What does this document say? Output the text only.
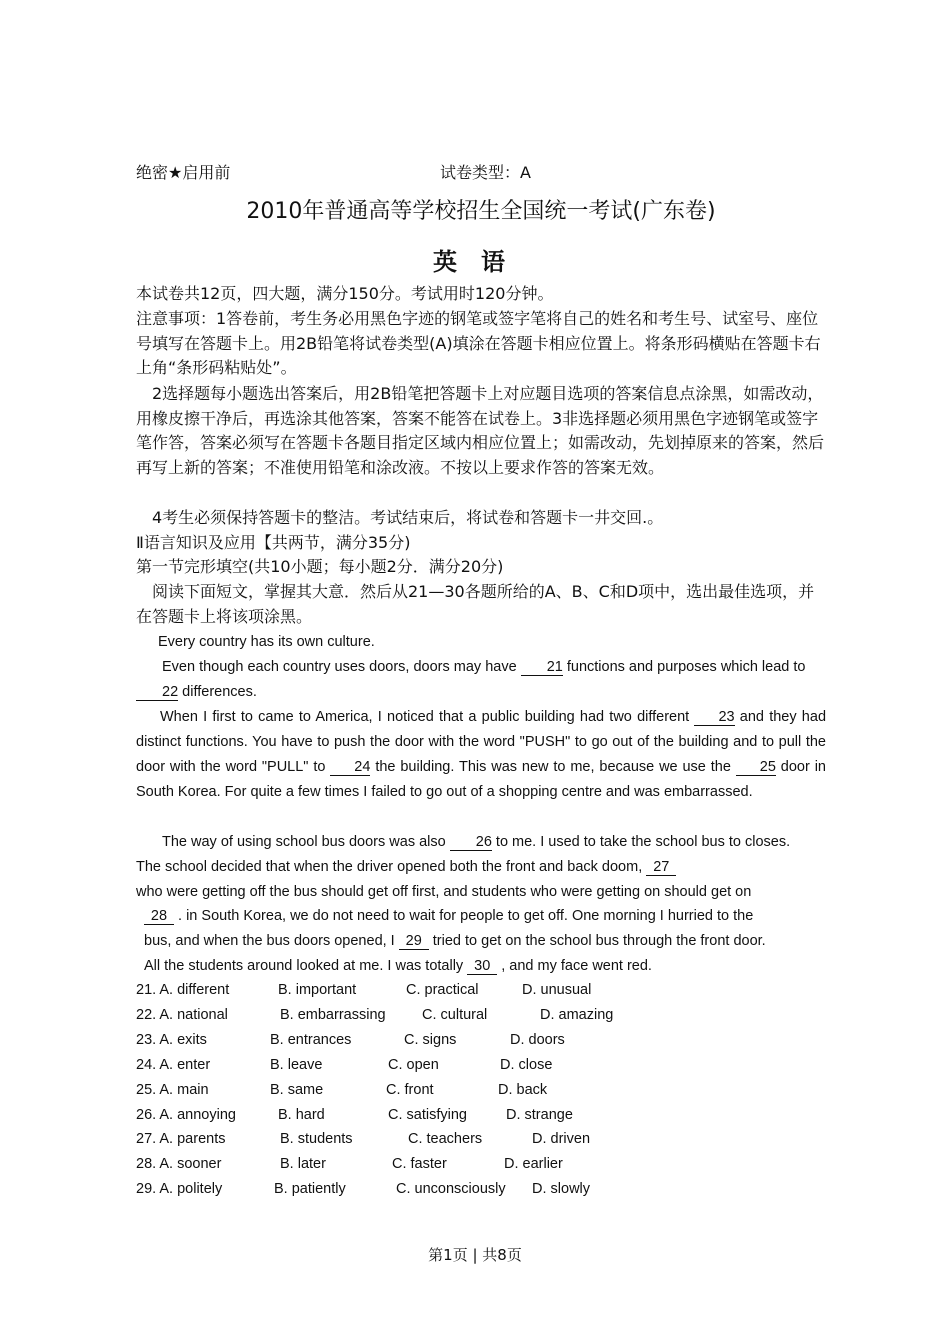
绝密★启用前	试卷类型：A
2010年普通高等学校招生全国统一考试(广东卷)
英语
本试卷共12页，四大题，满分150分。考试用时120分钟。
注意事项：1答卷前，考生务必用黑色字迹的钢笔或签字笔将自己的姓名和考生号、试室号、座位号填写在答题卡上。用2B铅笔将试卷类型(A)填涂在答题卡相应位置上。将条形码横贴在答题卡右上角“条形码粘贴处”。
2选择题每小题选出答案后，用2B铅笔把答题卡上对应题目选项的答案信息点涂黑，如需改动，用橡皮擦干净后，再选涂其他答案，答案不能答在试卷上。3非选择题必须用黑色字迹钢笔或签字笔作答，答案必须写在答题卡各题目指定区域内相应位置上；如需改动，先划掉原来的答案，然后再写上新的答案；不准使用铅笔和涂改液。不按以上要求作答的答案无效。
4考生必须保持答题卡的整洁。考试结束后，将试卷和答题卡一井交回.。
Ⅱ语言知识及应用【共两节，满分35分)
第一节完形填空(共10小题；每小题2分．满分20分)
阅读下面短文，掌握其大意．然后从21—30各题所给的A、B、C和D项中，选出最佳选项，并在答题卡上将该项涂黑。
Every country has its own culture.
Even though each country uses doors, doors may have 21 functions and purposes which lead to 22 differences.
When I first to came to America, I noticed that a public building had two different 23 and they had distinct functions. You have to push the door with the word "PUSH" to go out of the building and to pull the door with the word "PULL" to 24 the building. This was new to me, because we use the 25 door in South Korea. For quite a few times I failed to go out of a shopping centre and was embarrassed.
The way of using school bus doors was also 26 to me. I used to take the school bus to closes.
The school decided that when the driver opened both the front and back doom, 27
who were getting off the bus should get off first, and students who were getting on should get on
28 . in South Korea, we do not need to wait for people to get off. One morning I hurried to the
bus, and when the bus doors opened, I 29 tried to get on the school bus through the front door.
All the students around looked at me. I was totally 30 , and my face went red.
21. A. different	B. important	C. practical	D. unusual
22. A. national	B. embarrassing	C. cultural	D. amazing
23. A. exits	B. entrances	C. signs	D. doors
24. A. enter	B. leave	C. open	D. close
25. A. main	B. same	C. front	D. back
26. A. annoying	B. hard	C. satisfying	D. strange
27. A. parents	B. students	C. teachers	D. driven
28. A. sooner	B. later	C. faster	D. earlier
29. A. politely	B. patiently	C. unconsciously D. slowly
第1页 | 共8页
